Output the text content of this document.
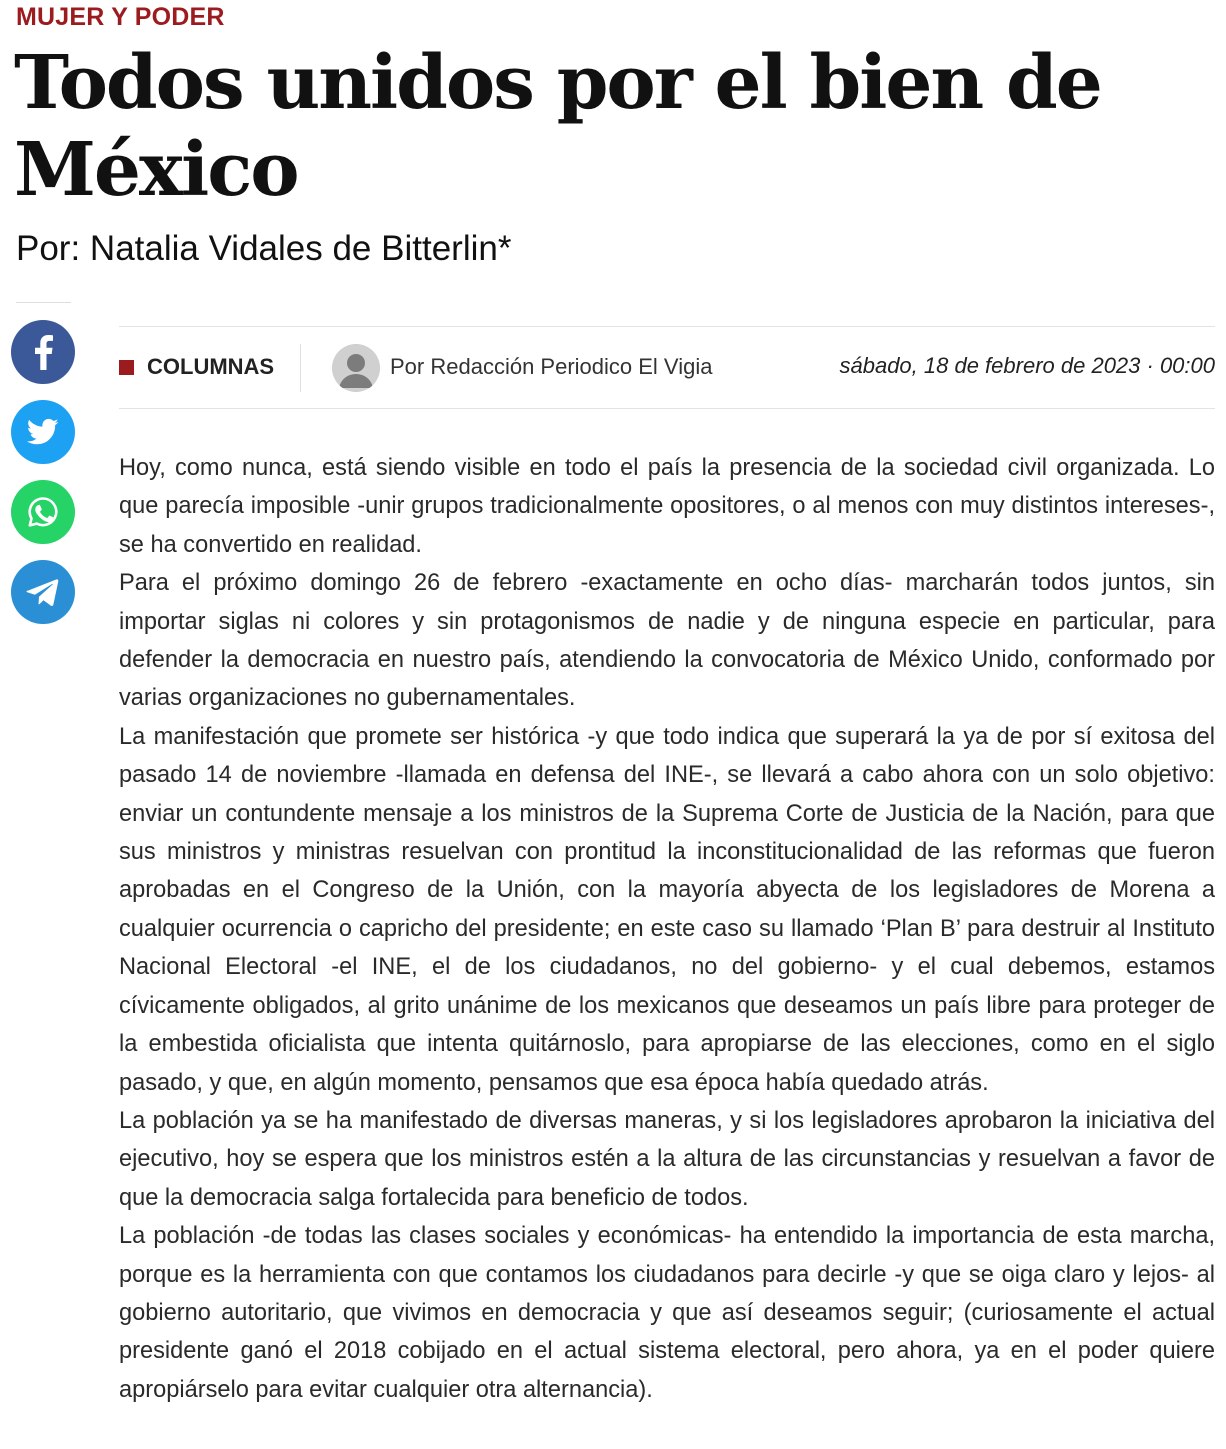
MUJER Y PODER
Todos unidos por el bien de México
Por: Natalia Vidales de Bitterlin*
COLUMNAS	Por Redacción Periodico El Vigia	sábado, 18 de febrero de 2023 · 00:00

Hoy, como nunca, está siendo visible en todo el país la presencia de la sociedad civil organizada. Lo que parecía imposible -unir grupos tradicionalmente opositores, o al menos con muy distintos intereses-, se ha convertido en realidad.

Para el próximo domingo 26 de febrero -exactamente en ocho días- marcharán todos juntos, sin importar siglas ni colores y sin protagonismos de nadie y de ninguna especie en particular, para defender la democracia en nuestro país, atendiendo la convocatoria de México Unido, conformado por varias organizaciones no gubernamentales.

La manifestación que promete ser histórica -y que todo indica que superará la ya de por sí exitosa del pasado 14 de noviembre -llamada en defensa del INE-, se llevará a cabo ahora con un solo objetivo: enviar un contundente mensaje a los ministros de la Suprema Corte de Justicia de la Nación, para que sus ministros y ministras resuelvan con prontitud la inconstitucionalidad de las reformas que fueron aprobadas en el Congreso de la Unión, con la mayoría abyecta de los legisladores de Morena a cualquier ocurrencia o capricho del presidente; en este caso su llamado ‘Plan B’ para destruir al Instituto Nacional Electoral -el INE, el de los ciudadanos, no del gobierno- y el cual debemos, estamos cívicamente obligados, al grito unánime de los mexicanos que deseamos un país libre para proteger de la embestida oficialista que intenta quitárnoslo, para apropiarse de las elecciones, como en el siglo pasado, y que, en algún momento, pensamos que esa época había quedado atrás.

La población ya se ha manifestado de diversas maneras, y si los legisladores aprobaron la iniciativa del ejecutivo, hoy se espera que los ministros estén a la altura de las circunstancias y resuelvan a favor de que la democracia salga fortalecida para beneficio de todos.

La población -de todas las clases sociales y económicas- ha entendido la importancia de esta marcha, porque es la herramienta con que contamos los ciudadanos para decirle -y que se oiga claro y lejos- al gobierno autoritario, que vivimos en democracia y que así deseamos seguir; (curiosamente el actual presidente ganó el 2018 cobijado en el actual sistema electoral, pero ahora, ya en el poder quiere apropiárselo para evitar cualquier otra alternancia).
